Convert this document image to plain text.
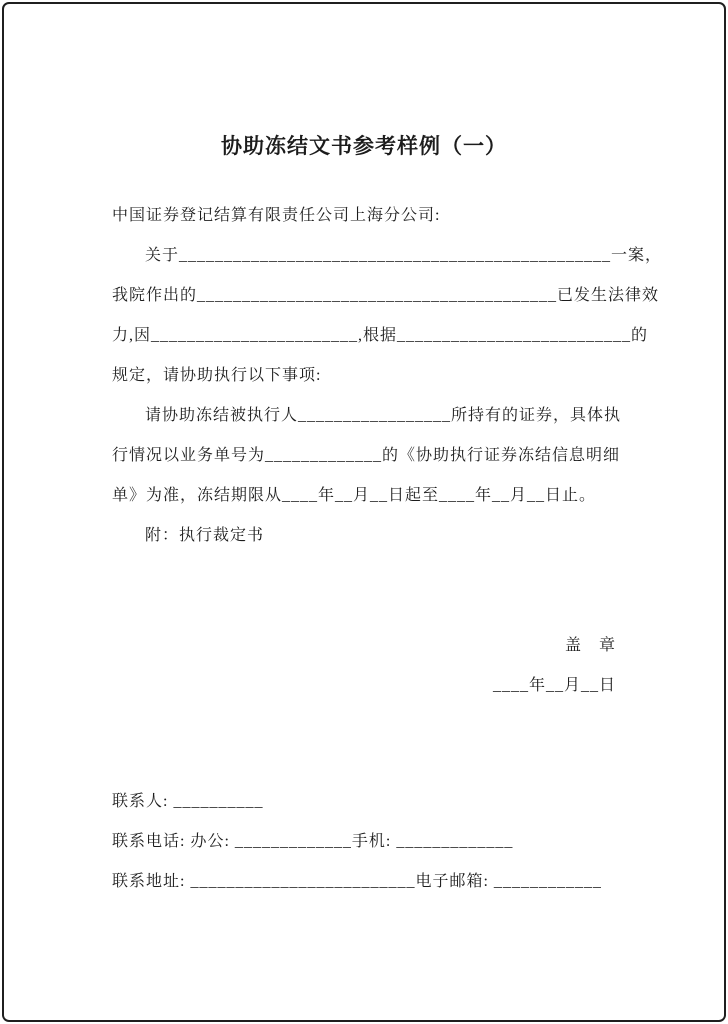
协助冻结文书参考样例（一）
中国证券登记结算有限责任公司上海分公司:
关于________________________________________________一案，
我院作出的________________________________________已发生法律效
力,因_______________________,根据__________________________的
规定，请协助执行以下事项:
请协助冻结被执行人_________________所持有的证券，具体执
行情况以业务单号为_____________的《协助执行证券冻结信息明细
单》为准，冻结期限从____年__月__日起至____年__月__日止。
附：执行裁定书
盖　章
____年__月__日
联系人: __________
联系电话: 办公: _____________手机: _____________
联系地址: _________________________电子邮箱: ____________
